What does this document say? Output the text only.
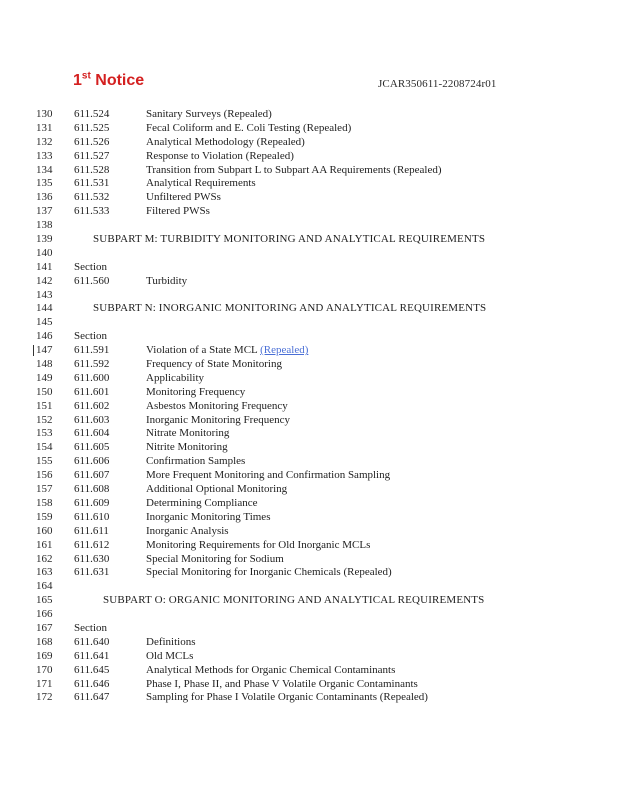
1st Notice	JCAR350611-2208724r01
130	611.524	Sanitary Surveys (Repealed)
131	611.525	Fecal Coliform and E. Coli Testing (Repealed)
132	611.526	Analytical Methodology (Repealed)
133	611.527	Response to Violation (Repealed)
134	611.528	Transition from Subpart L to Subpart AA Requirements (Repealed)
135	611.531	Analytical Requirements
136	611.532	Unfiltered PWSs
137	611.533	Filtered PWSs
138
139	SUBPART M: TURBIDITY MONITORING AND ANALYTICAL REQUIREMENTS
140
141	Section
142	611.560	Turbidity
143
144	SUBPART N: INORGANIC MONITORING AND ANALYTICAL REQUIREMENTS
145
146	Section
147	611.591	Violation of a State MCL (Repealed)
148	611.592	Frequency of State Monitoring
149	611.600	Applicability
150	611.601	Monitoring Frequency
151	611.602	Asbestos Monitoring Frequency
152	611.603	Inorganic Monitoring Frequency
153	611.604	Nitrate Monitoring
154	611.605	Nitrite Monitoring
155	611.606	Confirmation Samples
156	611.607	More Frequent Monitoring and Confirmation Sampling
157	611.608	Additional Optional Monitoring
158	611.609	Determining Compliance
159	611.610	Inorganic Monitoring Times
160	611.611	Inorganic Analysis
161	611.612	Monitoring Requirements for Old Inorganic MCLs
162	611.630	Special Monitoring for Sodium
163	611.631	Special Monitoring for Inorganic Chemicals (Repealed)
164
165	SUBPART O: ORGANIC MONITORING AND ANALYTICAL REQUIREMENTS
166
167	Section
168	611.640	Definitions
169	611.641	Old MCLs
170	611.645	Analytical Methods for Organic Chemical Contaminants
171	611.646	Phase I, Phase II, and Phase V Volatile Organic Contaminants
172	611.647	Sampling for Phase I Volatile Organic Contaminants (Repealed)
